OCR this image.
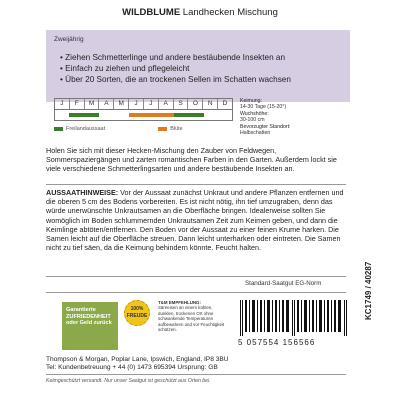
WILDBLUME Landhecken Mischung
Zweijährig
• Ziehen Schmetterlinge und andere bestäubende Insekten an
• Einfach zu ziehen und pflegeleicht
• Über 20 Sorten, die an trockenen Sellen im Schatten wachsen
J	F	M	A	M	J	J	A	S	O	N	D
Freilandaussaat	Blüte
Keimung:
14-30 Tage (15-20°)
Wuchshöhe:
30-100 cm
Bevorzugter Standort:
Halbschatten
Holen Sie sich mit dieser Hecken-Mischung den Zauber von Feldwegen, Sommerspaziergängen und zarten romantischen Farben in den Garten. Außerdem lockt sie viele verschiedene Schmetterlingsarten und andere bestäubende Insekten an.
AUSSAATHINWEISE: Vor der Aussaat zunächst Unkraut und andere Pflanzen entfernen und die oberen 5 cm des Bodens vorbereiten. Es ist nicht nötig, ihn tief umzugraben, denn das würde unerwünschte Unkrautsamen an die Oberfläche bringen. Idealerweise sollten Sie womöglich im Boden schlummernden Unkrautsamen Zeit zum Keimen geben, und dann die Keimlinge abtöten/entfernen. Den Boden vor der Aussaat zu einer feinen Krume harken. Die Samen leicht auf die Oberfläche streuen. Dann leicht unterharken oder eintreten. Die Samen nicht zu tief säen, da die Keimung behindern könnte. Feucht halten.
Standard-Saatgut EG-Norm
Garantierte ZUFRIEDENHEIT oder Geld zurück
100% FREUDE
T&M EMPFEHLUNG:
Säreeisen an einem kühlen, dunklen, trockenen Ort ohne schwankende Temperaturen aufbewahren und vor Feuchtigkeit schützen.
5 057554 156566
Thompson & Morgan, Poplar Lane, Ipswich, England, IP8 3BU
Tel: Kundenbetreuung + 44 (0) 1473 695394 Ursprung: GB
Keimgeschützt versandt. Nur unser Saatgut ist geschützt aus Orten bei.
KC1749 / 40287
